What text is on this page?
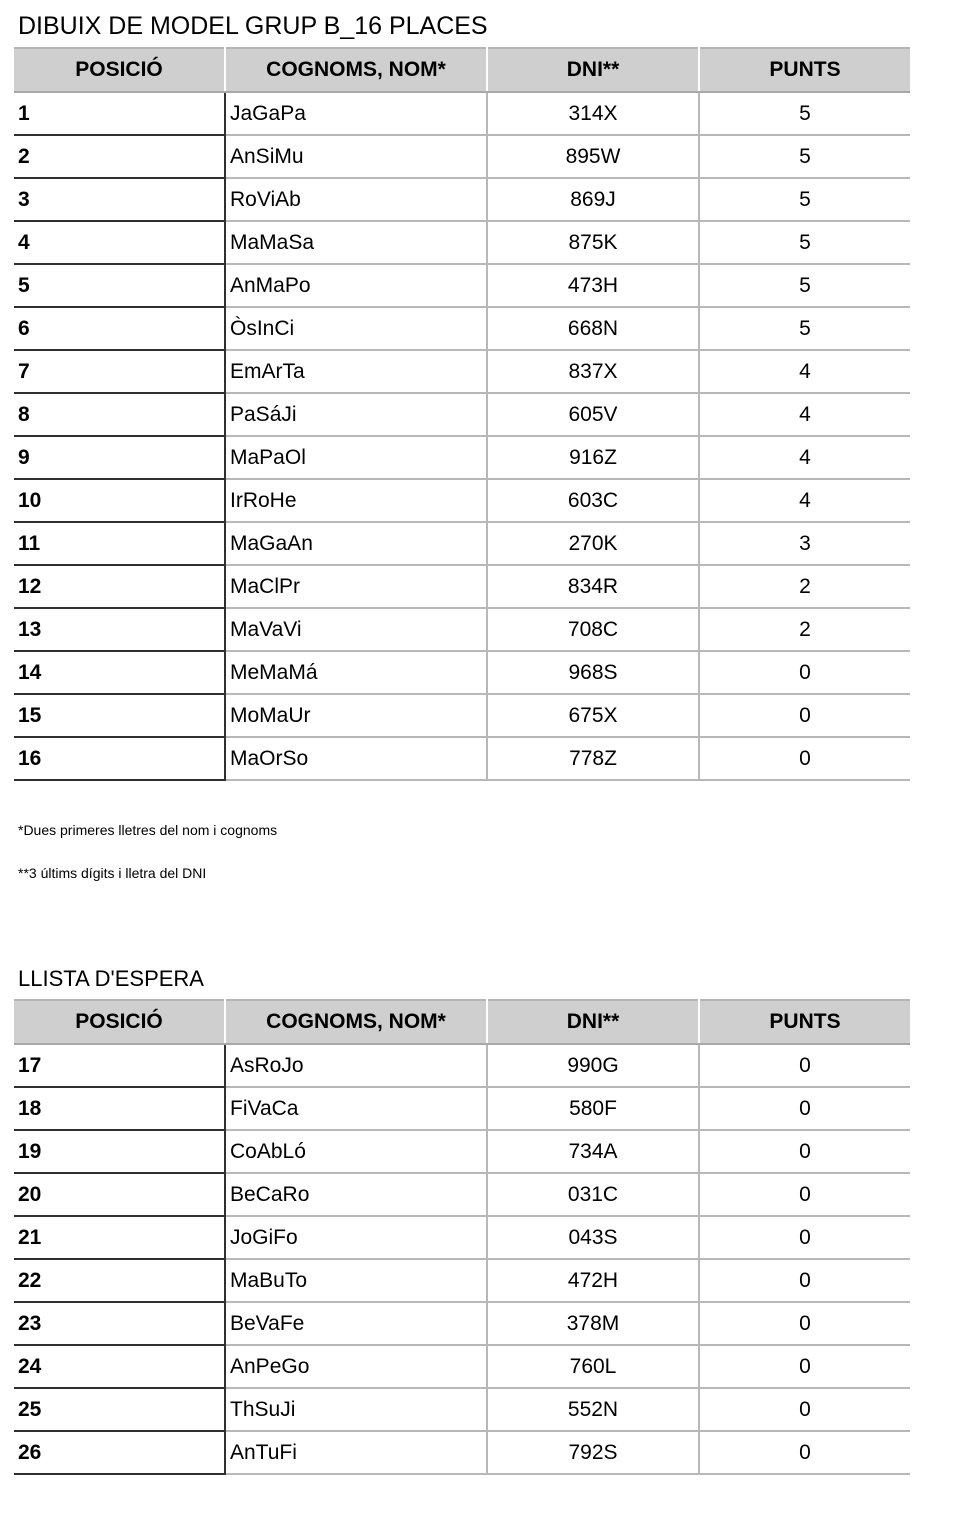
DIBUIX DE MODEL GRUP B_16 PLACES
POSICIÓ	COGNOMS, NOM*	DNI**	PUNTS
1	JaGaPa	314X	5
2	AnSiMu	895W	5
3	RoViAb	869J	5
4	MaMaSa	875K	5
5	AnMaPo	473H	5
6	ÒsInCi	668N	5
7	EmArTa	837X	4
8	PaSáJi	605V	4
9	MaPaOl	916Z	4
10	IrRoHe	603C	4
11	MaGaAn	270K	3
12	MaClPr	834R	2
13	MaVaVi	708C	2
14	MeMaMá	968S	0
15	MoMaUr	675X	0
16	MaOrSo	778Z	0
*Dues primeres lletres del nom i cognoms
**3 últims dígits i lletra del DNI
LLISTA D'ESPERA
POSICIÓ	COGNOMS, NOM*	DNI**	PUNTS
17	AsRoJo	990G	0
18	FiVaCa	580F	0
19	CoAbLó	734A	0
20	BeCaRo	031C	0
21	JoGiFo	043S	0
22	MaBuTo	472H	0
23	BeVaFe	378M	0
24	AnPeGo	760L	0
25	ThSuJi	552N	0
26	AnTuFi	792S	0
